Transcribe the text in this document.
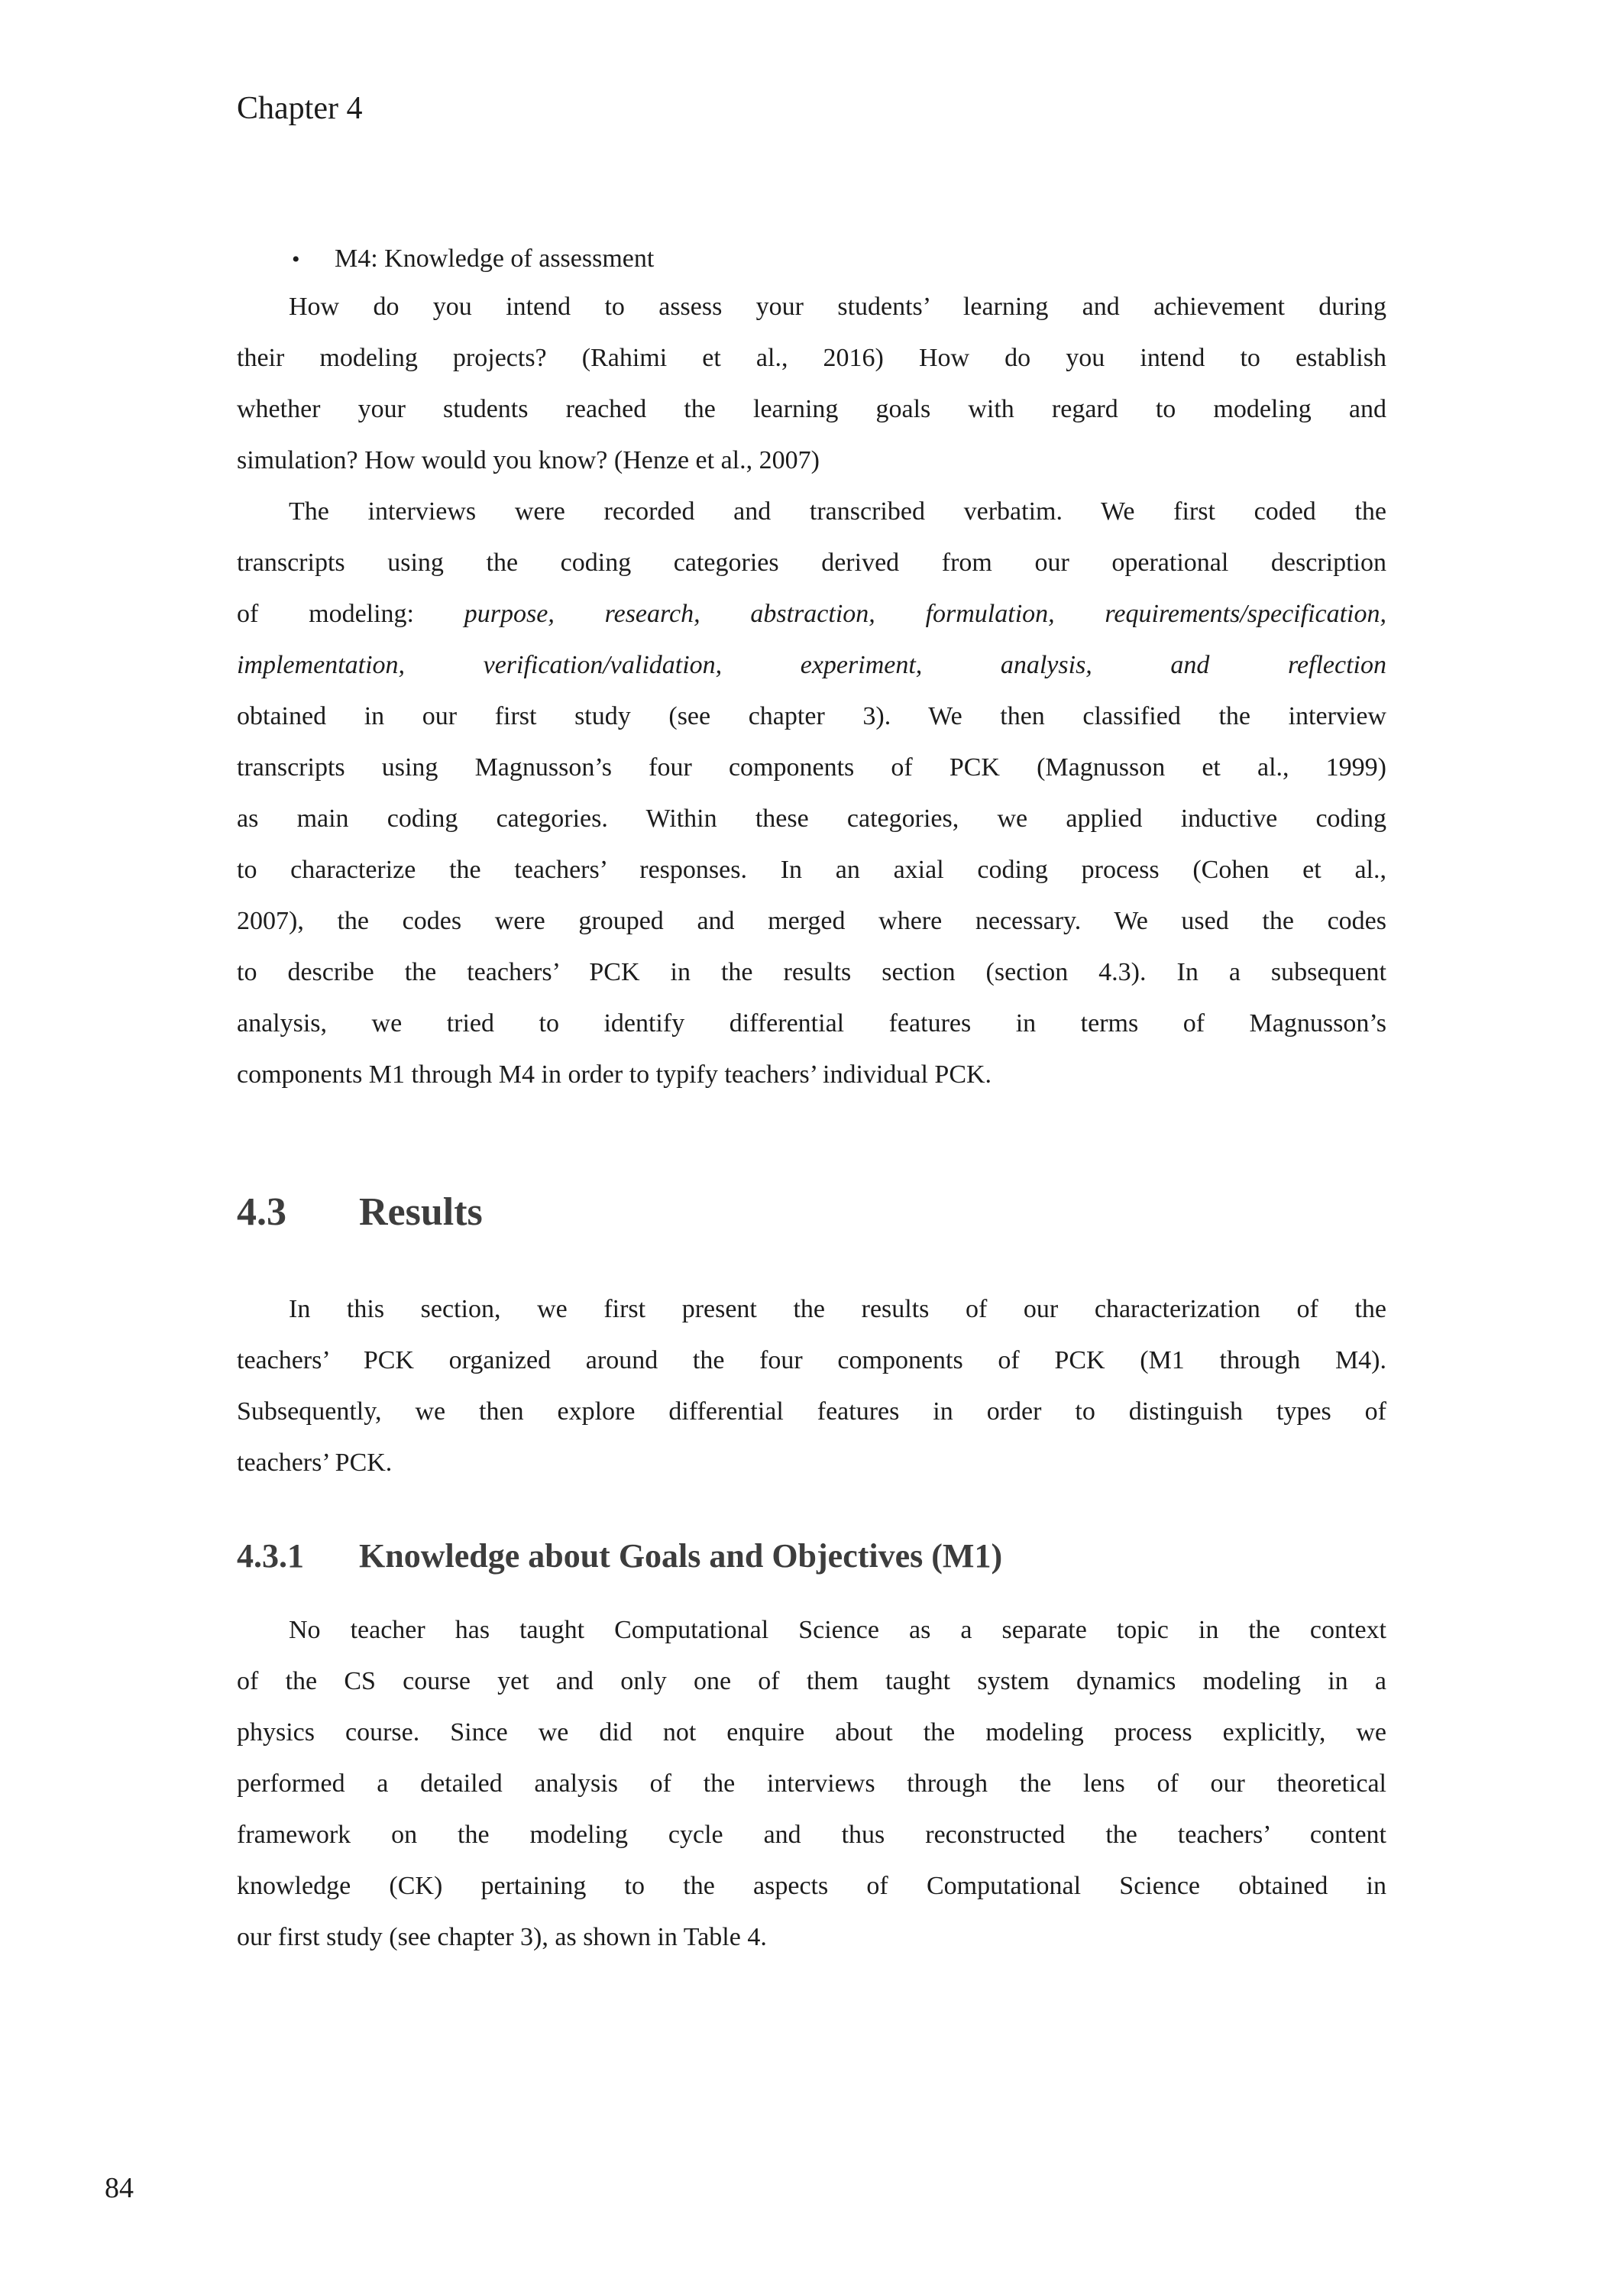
Chapter 4
• M4: Knowledge of assessment
How do you intend to assess your students’ learning and achievement during
their modeling projects? (Rahimi et al., 2016) How do you intend to establish
whether your students reached the learning goals with regard to modeling and
simulation? How would you know? (Henze et al., 2007)
The interviews were recorded and transcribed verbatim. We first coded the
transcripts using the coding categories derived from our operational description
of modeling: purpose, research, abstraction, formulation, requirements/specification,
implementation, verification/validation, experiment, analysis, and reflection
obtained in our first study (see chapter 3). We then classified the interview
transcripts using Magnusson’s four components of PCK (Magnusson et al., 1999)
as main coding categories. Within these categories, we applied inductive coding
to characterize the teachers’ responses. In an axial coding process (Cohen et al.,
2007), the codes were grouped and merged where necessary. We used the codes
to describe the teachers’ PCK in the results section (section 4.3). In a subsequent
analysis, we tried to identify differential features in terms of Magnusson’s
components M1 through M4 in order to typify teachers’ individual PCK.
4.3 Results
In this section, we first present the results of our characterization of the
teachers’ PCK organized around the four components of PCK (M1 through M4).
Subsequently, we then explore differential features in order to distinguish types of
teachers’ PCK.
4.3.1 Knowledge about Goals and Objectives (M1)
No teacher has taught Computational Science as a separate topic in the context
of the CS course yet and only one of them taught system dynamics modeling in a
physics course. Since we did not enquire about the modeling process explicitly, we
performed a detailed analysis of the interviews through the lens of our theoretical
framework on the modeling cycle and thus reconstructed the teachers’ content
knowledge (CK) pertaining to the aspects of Computational Science obtained in
our first study (see chapter 3), as shown in Table 4.
84
